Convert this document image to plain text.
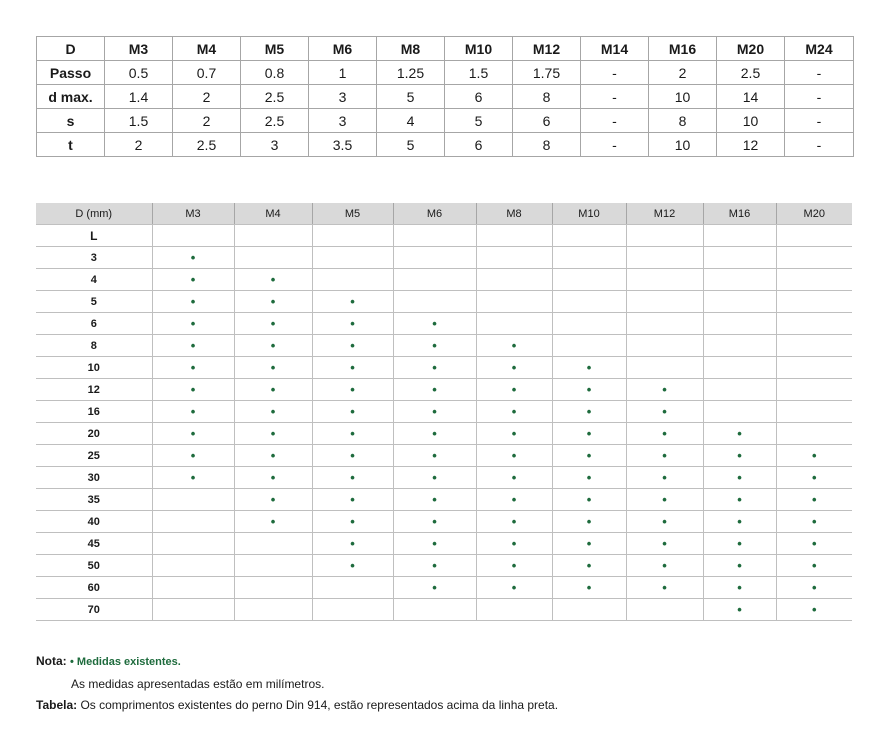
D	M3	M4	M5	M6	M8	M10	M12	M14	M16	M20	M24
Passo	0.5	0.7	0.8	1	1.25	1.5	1.75	-	2	2.5	-
d max.	1.4	2	2.5	3	5	6	8	-	10	14	-
s	1.5	2	2.5	3	4	5	6	-	8	10	-
t	2	2.5	3	3.5	5	6	8	-	10	12	-
D (mm)	M3	M4	M5	M6	M8	M10	M12	M16	M20
L									
3	•								
4	•	•							
5	•	•	•						
6	•	•	•	•					
8	•	•	•	•	•				
10	•	•	•	•	•	•			
12	•	•	•	•	•	•	•		
16	•	•	•	•	•	•	•		
20	•	•	•	•	•	•	•	•	
25	•	•	•	•	•	•	•	•	•
30	•	•	•	•	•	•	•	•	•
35		•	•	•	•	•	•	•	•
40		•	•	•	•	•	•	•	•
45			•	•	•	•	•	•	•
50			•	•	•	•	•	•	•
60				•	•	•	•	•	•
70								•	•
Nota: • Medidas existentes.
As medidas apresentadas estão em milímetros.
Tabela: Os comprimentos existentes do perno Din 914, estão representados acima da linha preta.
